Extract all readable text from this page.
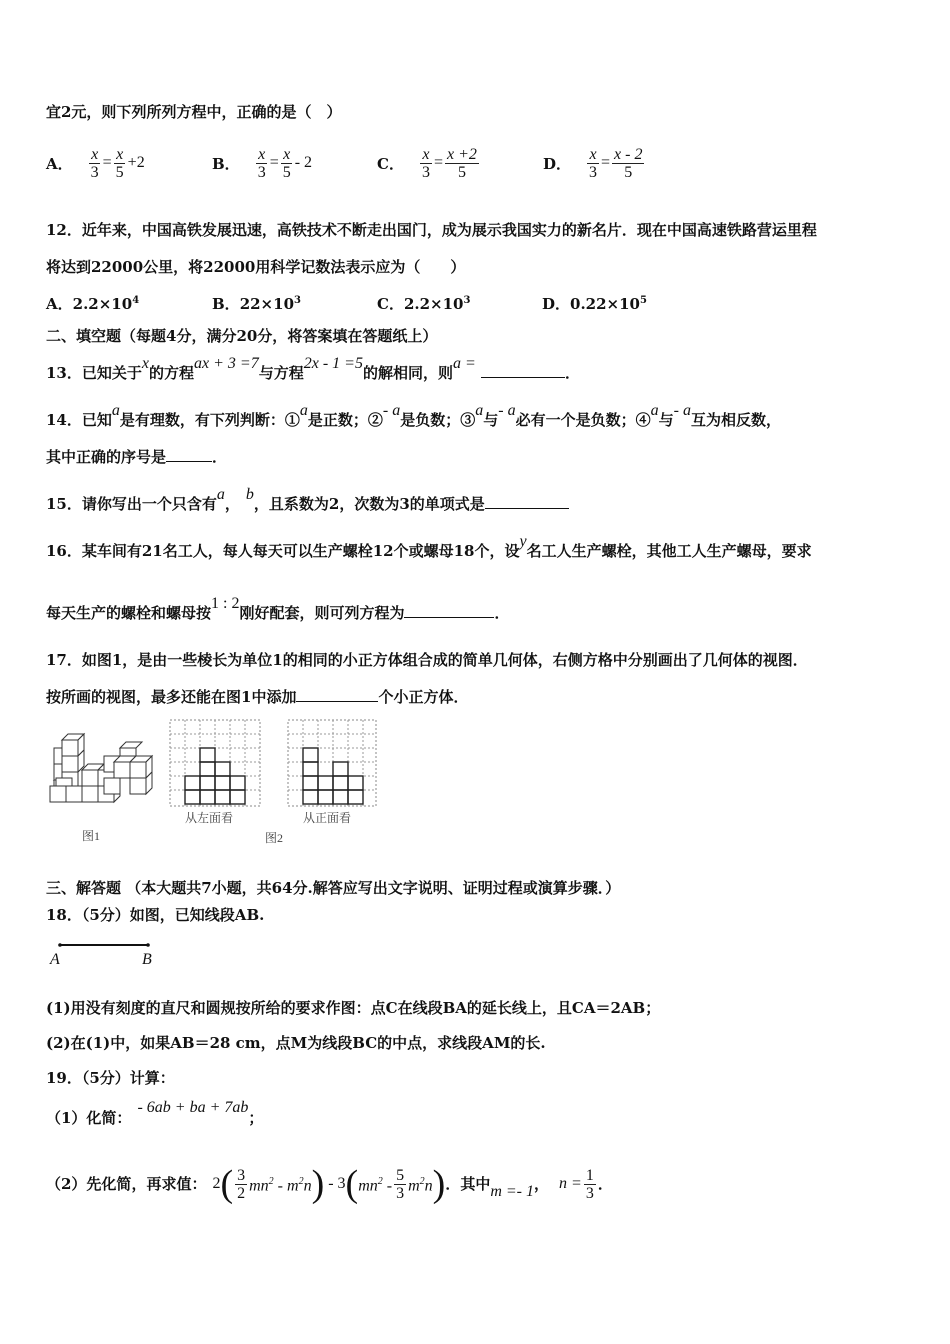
宜2元，则下列所列方程中，正确的是（　）
A． $\frac{x}{3} = \frac{x}{5} +2$	B． $\frac{x}{3} = \frac{x}{5} - 2$	C． $\frac{x}{3} = \frac{x +2}{5}$	D． $\frac{x}{3} = \frac{x - 2}{5}$
12．近年来，中国高铁发展迅速，高铁技术不断走出国门，成为展示我国实力的新名片．现在中国高速铁路营运里程
将达到22000公里，将22000用科学记数法表示应为（　　）
A．$2.2\times 10^4$	B．$22\times 10^3$	C．$2.2\times 10^3$	D．$0.22\times 10^5$
二、填空题（每题4分，满分20分，将答案填在答题纸上）
13．已知关于x的方程ax + 3 =7与方程2x - 1 =5的解相同，则a = ．
14．已知a是有理数，有下列判断：①a是正数；②- a是负数；③a与- a必有一个是负数；④a与- a互为相反数，
其中正确的序号是	．
15．请你写出一个只含有a，b，且系数为2，次数为3的单项式是
16．某车间有21名工人，每人每天可以生产螺栓12个或螺母18个，设y名工人生产螺栓，其他工人生产螺母，要求
每天生产的螺栓和螺母按1 : 2刚好配套，则可列方程为	．
17．如图1，是由一些棱长为单位1的相同的小正方体组合成的简单几何体，右侧方格中分别画出了几何体的视图．
按所画的视图，最多还能在图1中添加	个小正方体．
图1
从左面看	从正面看
图2
三、解答题 （本大题共7小题，共64分.解答应写出文字说明、证明过程或演算步骤．）
18．（5分）如图，已知线段AB.
A	B
(1)用没有刻度的直尺和圆规按所给的要求作图：点C在线段BA的延长线上，且CA＝2AB；
(2)在(1)中，如果AB＝28 cm，点M为线段BC的中点，求线段AM的长.
19．（5分）计算：
（1）化简：
- 6ab + ba + 7ab
；
（2）先化简，再求值： 2 ( 3
2 $mn^2 - m^2n$ ) - 3 ( $mn^2$ -
5
3 $m^2n$ ) ．其中 m =- 1 ， $n = \frac{1}{3}$ ．
